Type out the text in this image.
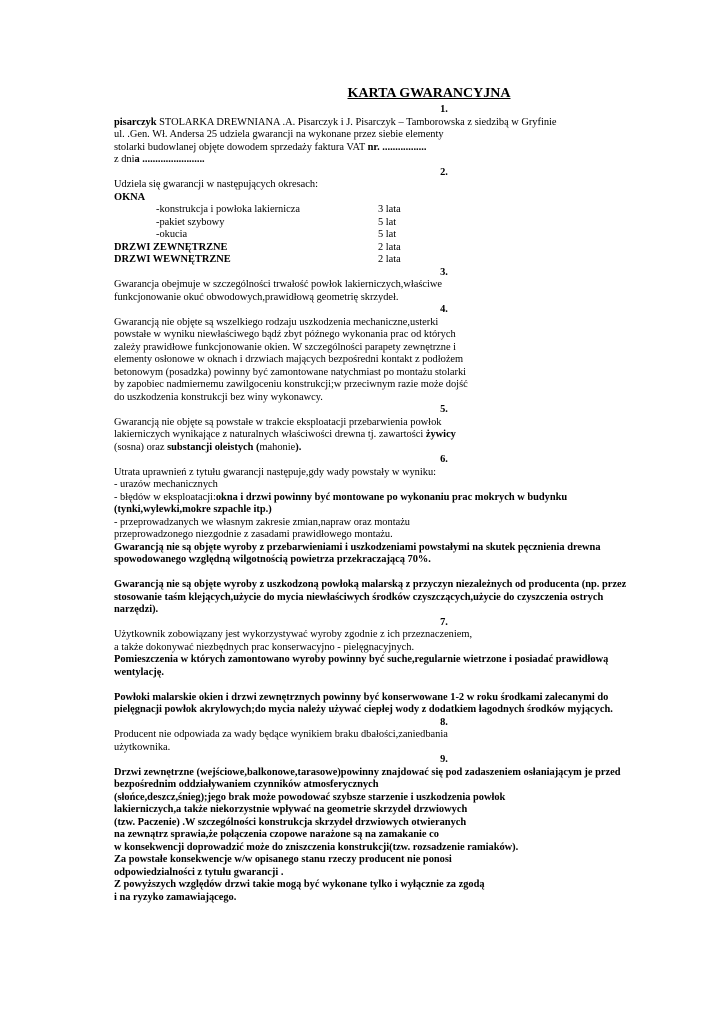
KARTA GWARANCYJNA
1.
pisarczyk STOLARKA DREWNIANA .A. Pisarczyk i J. Pisarczyk – Tamborowska z siedzibą w Gryfinie
ul. .Gen. Wł. Andersa 25 udziela gwarancji na wykonane przez siebie elementy
stolarki budowlanej objęte dowodem sprzedaży faktura VAT nr. .................
z dnia ........................
2.
Udziela się gwarancji w następujących okresach:
OKNA
-konstrukcja i powłoka lakiernicza	3 lata
-pakiet szybowy	5 lat
-okucia	5 lat
DRZWI ZEWNĘTRZNE	2 lata
DRZWI WEWNĘTRZNE	2 lata
3.
Gwarancja obejmuje w szczególności trwałość powłok lakierniczych,właściwe
funkcjonowanie okuć obwodowych,prawidłową geometrię skrzydeł.
4.
Gwarancją nie objęte są wszelkiego rodzaju uszkodzenia mechaniczne,usterki
powstałe w wyniku niewłaściwego bądź zbyt późnego wykonania prac od których
zależy prawidłowe funkcjonowanie okien. W szczególności parapety zewnętrzne i
elementy osłonowe w oknach i drzwiach mających bezpośredni kontakt z podłożem
betonowym (posadzka) powinny być zamontowane natychmiast po montażu stolarki
by zapobiec nadmiernemu zawilgoceniu konstrukcji;w przeciwnym razie może dojść
do uszkodzenia konstrukcji bez winy wykonawcy.
5.
Gwarancją nie objęte są powstałe w trakcie eksploatacji przebarwienia powłok
lakierniczych wynikające z naturalnych właściwości drewna tj. zawartości żywicy
(sosna) oraz substancji oleistych (mahonie).
6.
Utrata uprawnień z tytułu gwarancji następuje,gdy wady powstały w wyniku:
- urazów mechanicznych
- błędów w eksploatacji:okna i drzwi powinny być montowane po wykonaniu prac mokrych w budynku
(tynki,wylewki,mokre szpachle itp.)
- przeprowadzanych we własnym zakresie zmian,napraw oraz montażu
przeprowadzonego niezgodnie z zasadami prawidłowego montażu.
Gwarancją nie są objęte wyroby z przebarwieniami i uszkodzeniami powstałymi na skutek pęcznienia drewna
spowodowanego względną wilgotnością powietrza przekraczającą 70%.
Gwarancją nie są objęte wyroby z uszkodzoną powłoką malarską z przyczyn niezależnych od producenta (np. przez
stosowanie taśm klejących,użycie do mycia niewłaściwych środków czyszczących,użycie do czyszczenia ostrych
narzędzi).
7.
Użytkownik zobowiązany jest wykorzystywać wyroby zgodnie z ich przeznaczeniem,
a także dokonywać niezbędnych prac konserwacyjno - pielęgnacyjnych.
Pomieszczenia w których zamontowano wyroby powinny być suche,regularnie wietrzone i posiadać prawidłową
wentylację.
Powłoki malarskie okien i drzwi zewnętrznych powinny być konserwowane 1-2 w roku środkami zalecanymi do
pielęgnacji powłok akrylowych;do mycia należy używać ciepłej wody z dodatkiem łagodnych środków myjących.
8.
Producent nie odpowiada za wady będące wynikiem braku dbałości,zaniedbania
użytkownika.
9.
Drzwi zewnętrzne (wejściowe,balkonowe,tarasowe)powinny znajdować się pod zadaszeniem osłaniającym je przed
bezpośrednim oddziaływaniem czynników atmosferycznych
(słońce,deszcz,śnieg);jego brak może powodować szybsze starzenie i uszkodzenia powłok
lakierniczych,a także niekorzystnie wpływać na geometrie skrzydeł drzwiowych
(tzw. Paczenie) .W szczególności konstrukcja skrzydeł drzwiowych otwieranych
na zewnątrz sprawia,że połączenia czopowe narażone są na zamakanie co
w konsekwencji doprowadzić może do zniszczenia konstrukcji(tzw. rozsadzenie ramiaków).
Za powstałe konsekwencje w/w opisanego stanu rzeczy producent nie ponosi
odpowiedzialności z tytułu gwarancji .
Z powyższych względów drzwi takie mogą być wykonane tylko i wyłącznie za zgodą
i na ryzyko zamawiającego.
